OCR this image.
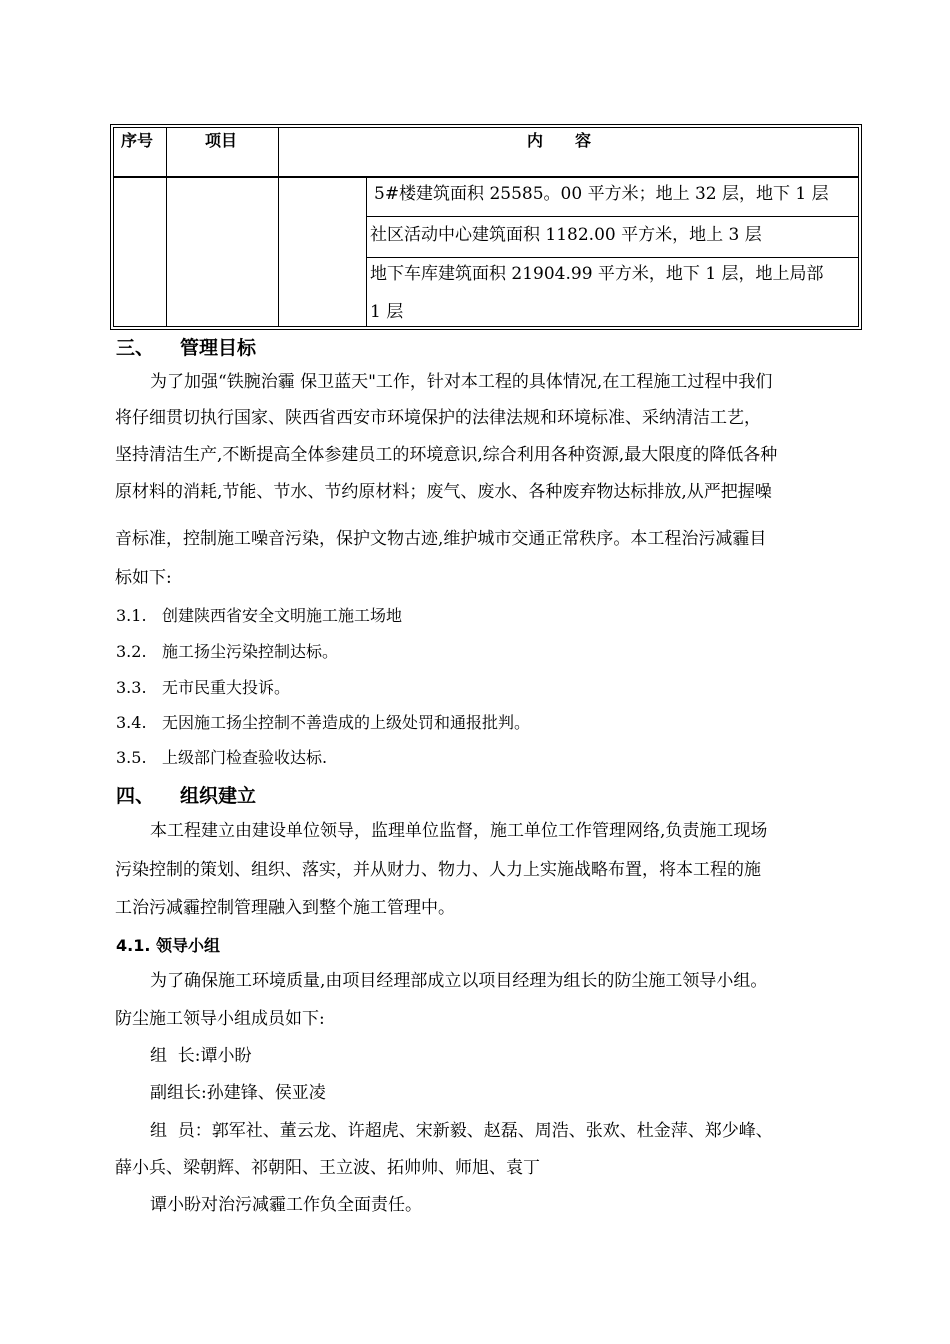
序号	项目	内　　容
5#楼建筑面积 25585。00 平方米；地上 32 层，地下 1 层
社区活动中心建筑面积 1182.00 平方米，地上 3 层
地下车库建筑面积 21904.99 平方米，地下 1 层，地上局部
1 层
三、 管理目标
为了加强“铁腕治霾 保卫蓝天"工作，针对本工程的具体情况,在工程施工过程中我们
将仔细贯切执行国家、陕西省西安市环境保护的法律法规和环境标准、采纳清洁工艺，
坚持清洁生产,不断提高全体参建员工的环境意识,综合利用各种资源,最大限度的降低各种
原材料的消耗,节能、节水、节约原材料；废气、废水、各种废弃物达标排放,从严把握噪
音标准，控制施工噪音污染，保护文物古迹,维护城市交通正常秩序。本工程治污减霾目
标如下:
3.1. 创建陕西省安全文明施工施工场地
3.2. 施工扬尘污染控制达标。
3.3. 无市民重大投诉。
3.4. 无因施工扬尘控制不善造成的上级处罚和通报批判。
3.5. 上级部门检查验收达标.
四、 组织建立
本工程建立由建设单位领导，监理单位监督，施工单位工作管理网络,负责施工现场
污染控制的策划、组织、落实，并从财力、物力、人力上实施战略布置，将本工程的施
工治污减霾控制管理融入到整个施工管理中。
4.1. 领导小组
为了确保施工环境质量,由项目经理部成立以项目经理为组长的防尘施工领导小组。
防尘施工领导小组成员如下:
组  长:谭小盼
副组长:孙建锋、侯亚凌
组  员：郭军社、董云龙、许超虎、宋新毅、赵磊、周浩、张欢、杜金萍、郑少峰、
薛小兵、梁朝辉、祁朝阳、王立波、拓帅帅、师旭、袁丁
谭小盼对治污减霾工作负全面责任。
